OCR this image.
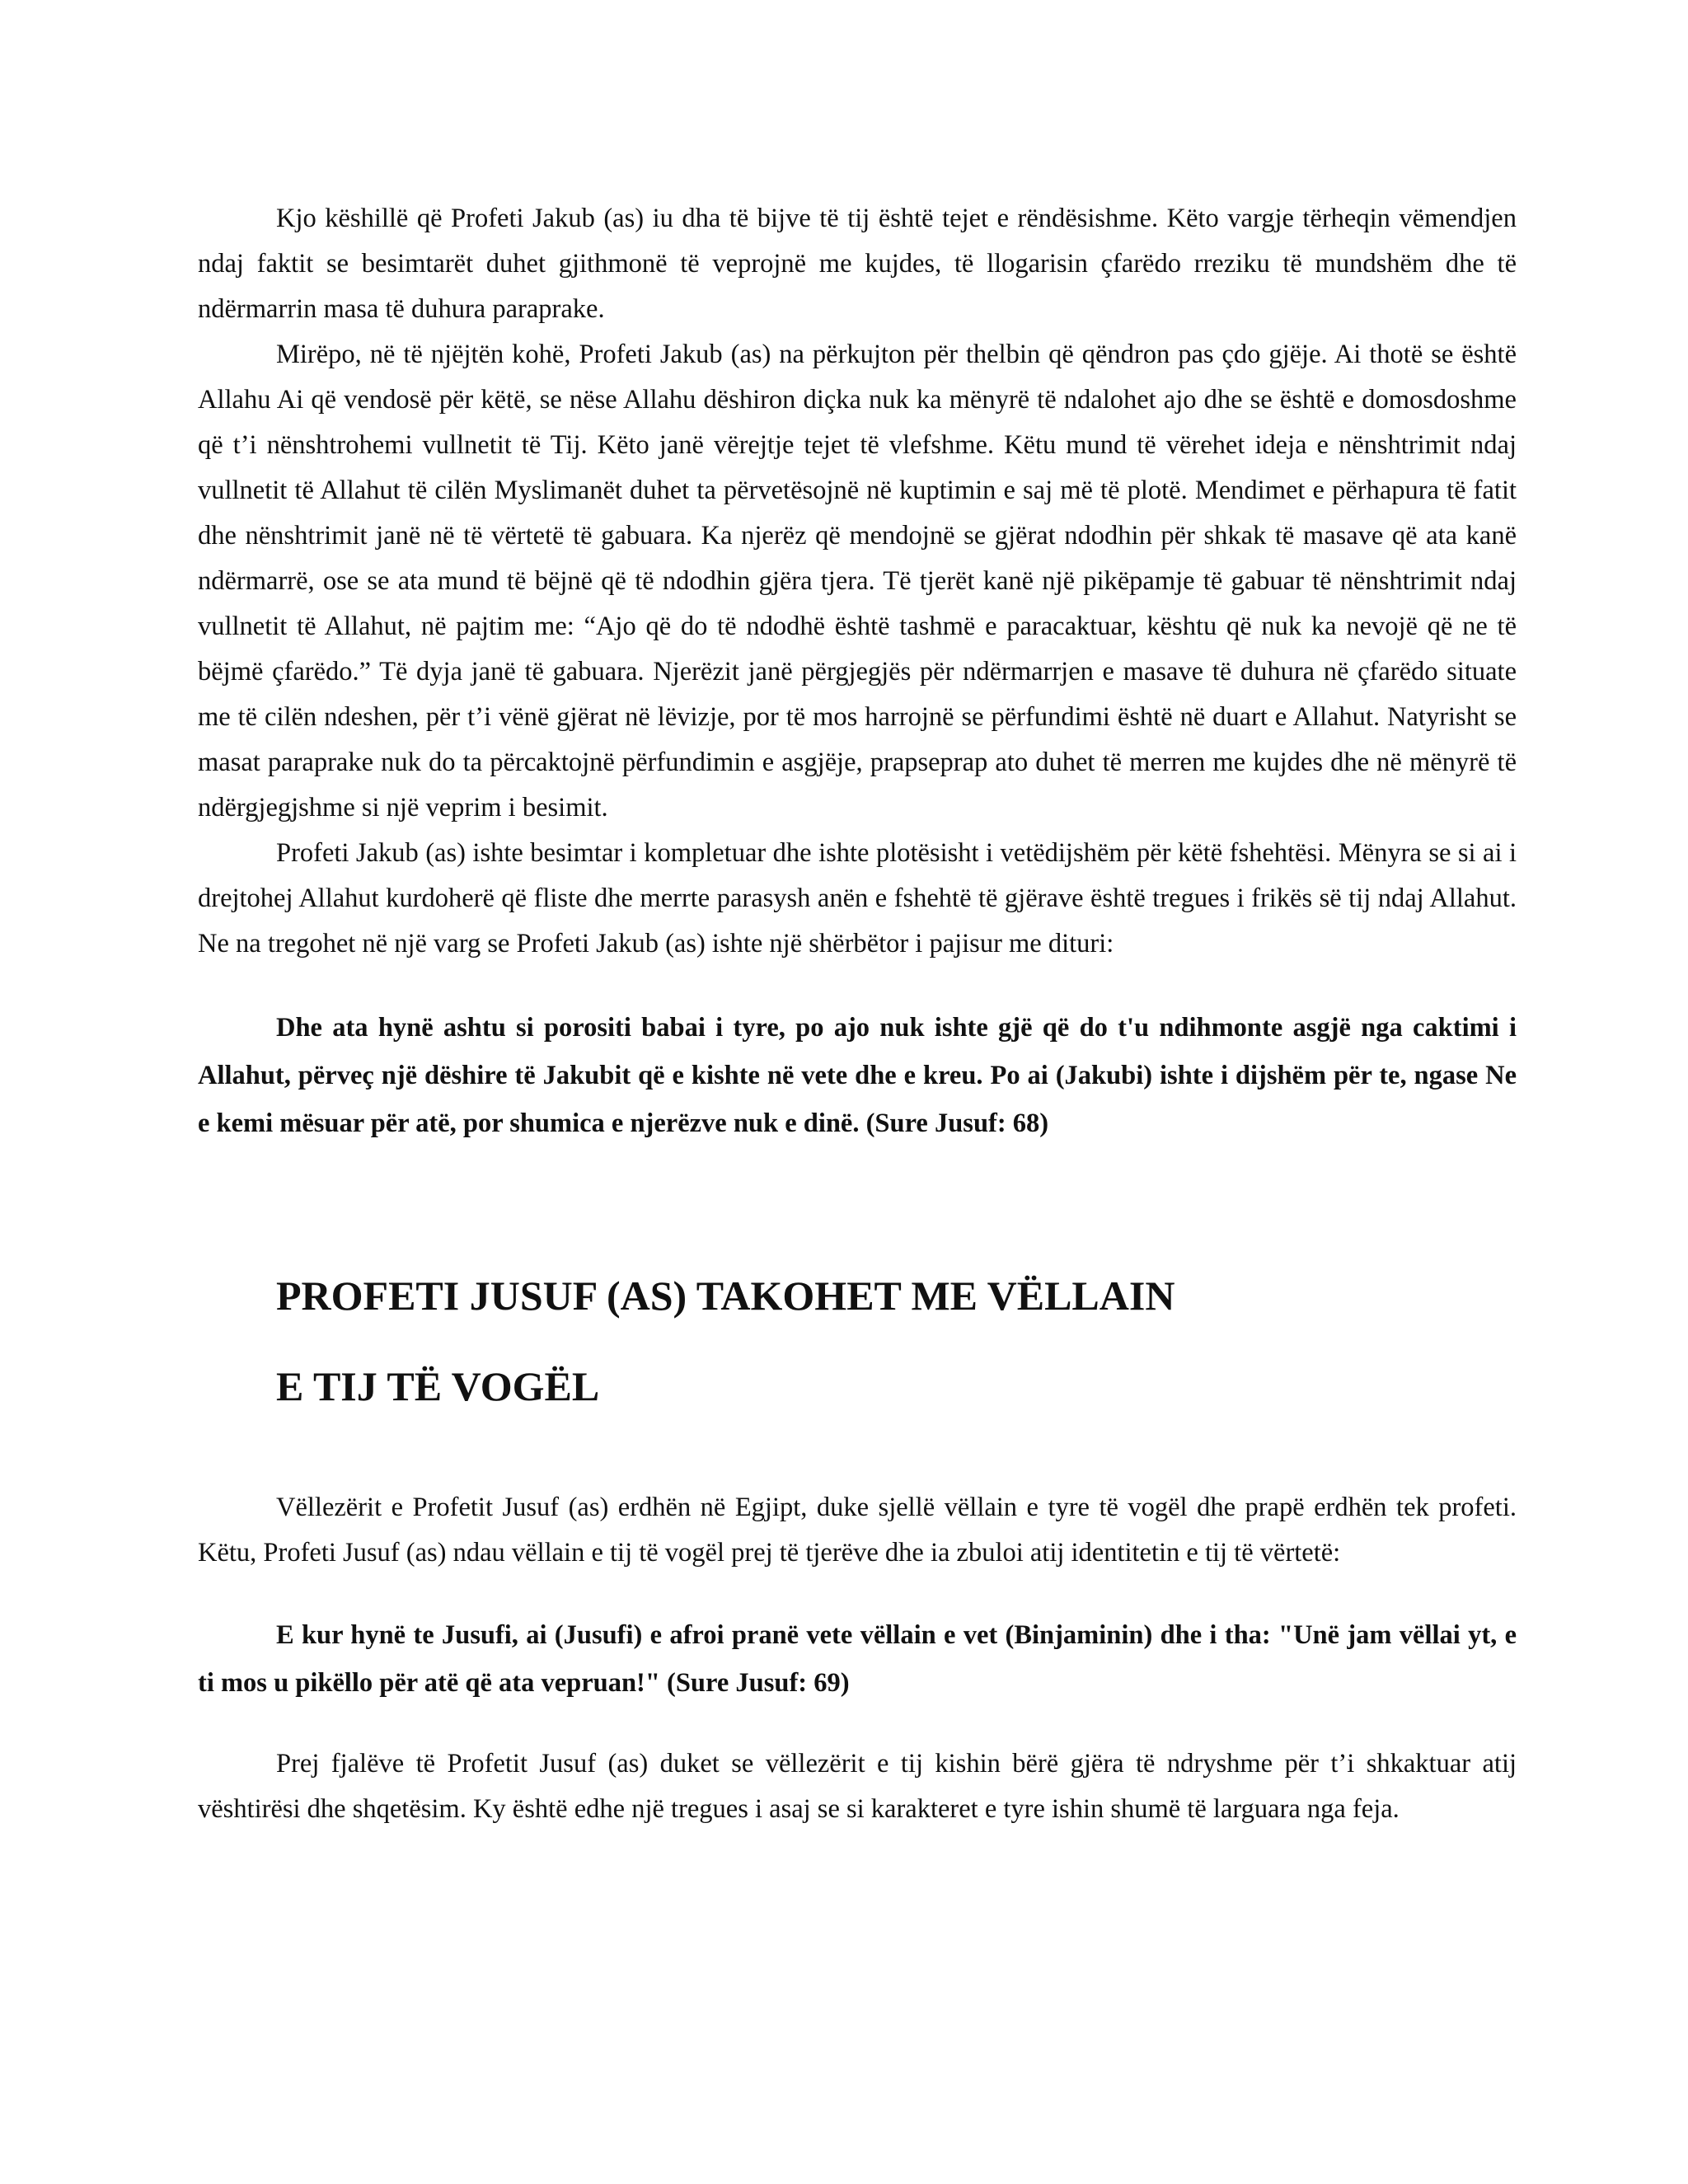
Kjo këshillë që Profeti Jakub (as) iu dha të bijve të tij është tejet e rëndësishme. Këto vargje tërheqin vëmendjen ndaj faktit se besimtarët duhet gjithmonë të veprojnë me kujdes, të llogarisin çfarëdo rreziku të mundshëm dhe të ndërmarrin masa të duhura paraprake.

Mirëpo, në të njëjtën kohë, Profeti Jakub (as) na përkujton për thelbin që qëndron pas çdo gjëje. Ai thotë se është Allahu Ai që vendosë për këtë, se nëse Allahu dëshiron diçka nuk ka mënyrë të ndalohet ajo dhe se është e domosdoshme që t’i nënshtrohemi vullnetit të Tij. Këto janë vërejtje tejet të vlefshme. Këtu mund të vërehet ideja e nënshtrimit ndaj vullnetit të Allahut të cilën Myslimanët duhet ta përvetësojnë në kuptimin e saj më të plotë. Mendimet e përhapura të fatit dhe nënshtrimit janë në të vërtetë të gabuara. Ka njerëz që mendojnë se gjërat ndodhin për shkak të masave që ata kanë ndërmarrë, ose se ata mund të bëjnë që të ndodhin gjëra tjera. Të tjerët kanë një pikëpamje të gabuar të nënshtrimit ndaj vullnetit të Allahut, në pajtim me: “Ajo që do të ndodhë është tashmë e paracaktuar, kështu që nuk ka nevojë që ne të bëjmë çfarëdo.” Të dyja janë të gabuara. Njerëzit janë përgjegjës për ndërmarrjen e masave të duhura në çfarëdo situate me të cilën ndeshen, për t’i vënë gjërat në lëvizje, por të mos harrojnë se përfundimi është në duart e Allahut. Natyrisht se masat paraprake nuk do ta përcaktojnë përfundimin e asgjëje, prapseprap ato duhet të merren me kujdes dhe në mënyrë të ndërgjegjshme si një veprim i besimit.

Profeti Jakub (as) ishte besimtar i kompletuar dhe ishte plotësisht i vetëdijshëm për këtë fshehtësi. Mënyra se si ai i drejtohej Allahut kurdoherë që fliste dhe merrte parasysh anën e fshehtë të gjërave është tregues i frikës së tij ndaj Allahut. Ne na tregohet në një varg se Profeti Jakub (as) ishte një shërbëtor i pajisur me dituri:

Dhe ata hynë ashtu si porositi babai i tyre, po ajo nuk ishte gjë që do t'u ndihmonte asgjë nga caktimi i Allahut, përveç një dëshire të Jakubit që e kishte në vete dhe e kreu. Po ai (Jakubi) ishte i dijshëm për te, ngase Ne e kemi mësuar për atë, por shumica e njerëzve nuk e dinë. (Sure Jusuf: 68)

PROFETI JUSUF (AS) TAKOHET ME VËLLAIN
E TIJ TË VOGËL

Vëllezërit e Profetit Jusuf (as) erdhën në Egjipt, duke sjellë vëllain e tyre të vogël dhe prapë erdhën tek profeti. Këtu, Profeti Jusuf (as) ndau vëllain e tij të vogël prej të tjerëve dhe ia zbuloi atij identitetin e tij të vërtetë:

E kur hynë te Jusufi, ai (Jusufi) e afroi pranë vete vëllain e vet (Binjaminin) dhe i tha: "Unë jam vëllai yt, e ti mos u pikëllo për atë që ata vepruan!" (Sure Jusuf: 69)

Prej fjalëve të Profetit Jusuf (as) duket se vëllezërit e tij kishin bërë gjëra të ndryshme për t’i shkaktuar atij vështirësi dhe shqetësim. Ky është edhe një tregues i asaj se si karakteret e tyre ishin shumë të larguara nga feja.
